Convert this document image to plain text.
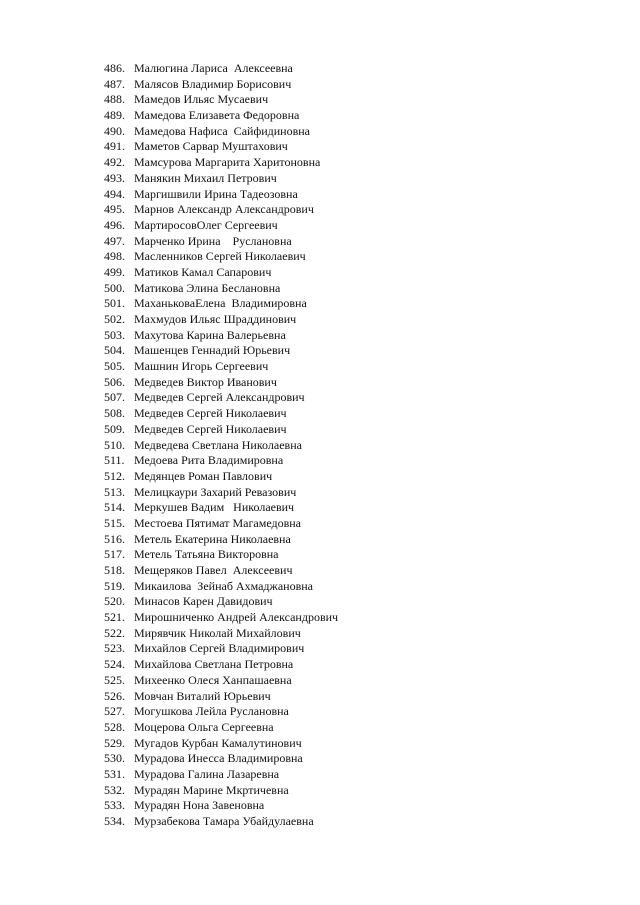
486. Малюгина Лариса  Алексеевна
487. Малясов Владимир Борисович
488. Мамедов Ильяс Мусаевич
489. Мамедова Елизавета Федоровна
490. Мамедова Нафиса  Сайфидиновна
491. Маметов Сарвар Муштахович
492. Мамсурова Маргарита Харитоновна
493. Манякин Михаил Петрович
494. Маргишвили Ирина Тадеозовна
495. Марнов Александр Александрович
496. МартиросовОлег Сергеевич
497. Марченко Ирина    Руслановна
498. Масленников Сергей Николаевич
499. Матиков Камал Сапарович
500. Матикова Элина Беслановна
501. МаханьковаЕлена  Владимировна
502. Махмудов Ильяс Шраддинович
503. Махутова Карина Валерьевна
504. Машенцев Геннадий Юрьевич
505. Машнин Игорь Сергеевич
506. Медведев Виктор Иванович
507. Медведев Сергей Александрович
508. Медведев Сергей Николаевич
509. Медведев Сергей Николаевич
510. Медведева Светлана Николаевна
511. Медоева Рита Владимировна
512. Медянцев Роман Павлович
513. Мелицкаури Захарий Ревазович
514. Меркушев Вадим   Николаевич
515. Местоева Пятимат Магамедовна
516. Метель Екатерина Николаевна
517. Метель Татьяна Викторовна
518. Мещеряков Павел  Алексеевич
519. Микаилова  Зейнаб Ахмаджановна
520. Минасов Карен Давидович
521. Мирошниченко Андрей Александрович
522. Мирявчик Николай Михайлович
523. Михайлов Сергей Владимирович
524. Михайлова Светлана Петровна
525. Михеенко Олеся Ханпашаевна
526. Мовчан Виталий Юрьевич
527. Могушкова Лейла Руслановна
528. Моцерова Ольга Сергеевна
529. Мугадов Курбан Камалутинович
530. Мурадова Инесса Владимировна
531. Мурадова Галина Лазаревна
532. Мурадян Марине Мкртичевна
533. Мурадян Нона Завеновна
534. Мурзабекова Тамара Убайдулаевна
